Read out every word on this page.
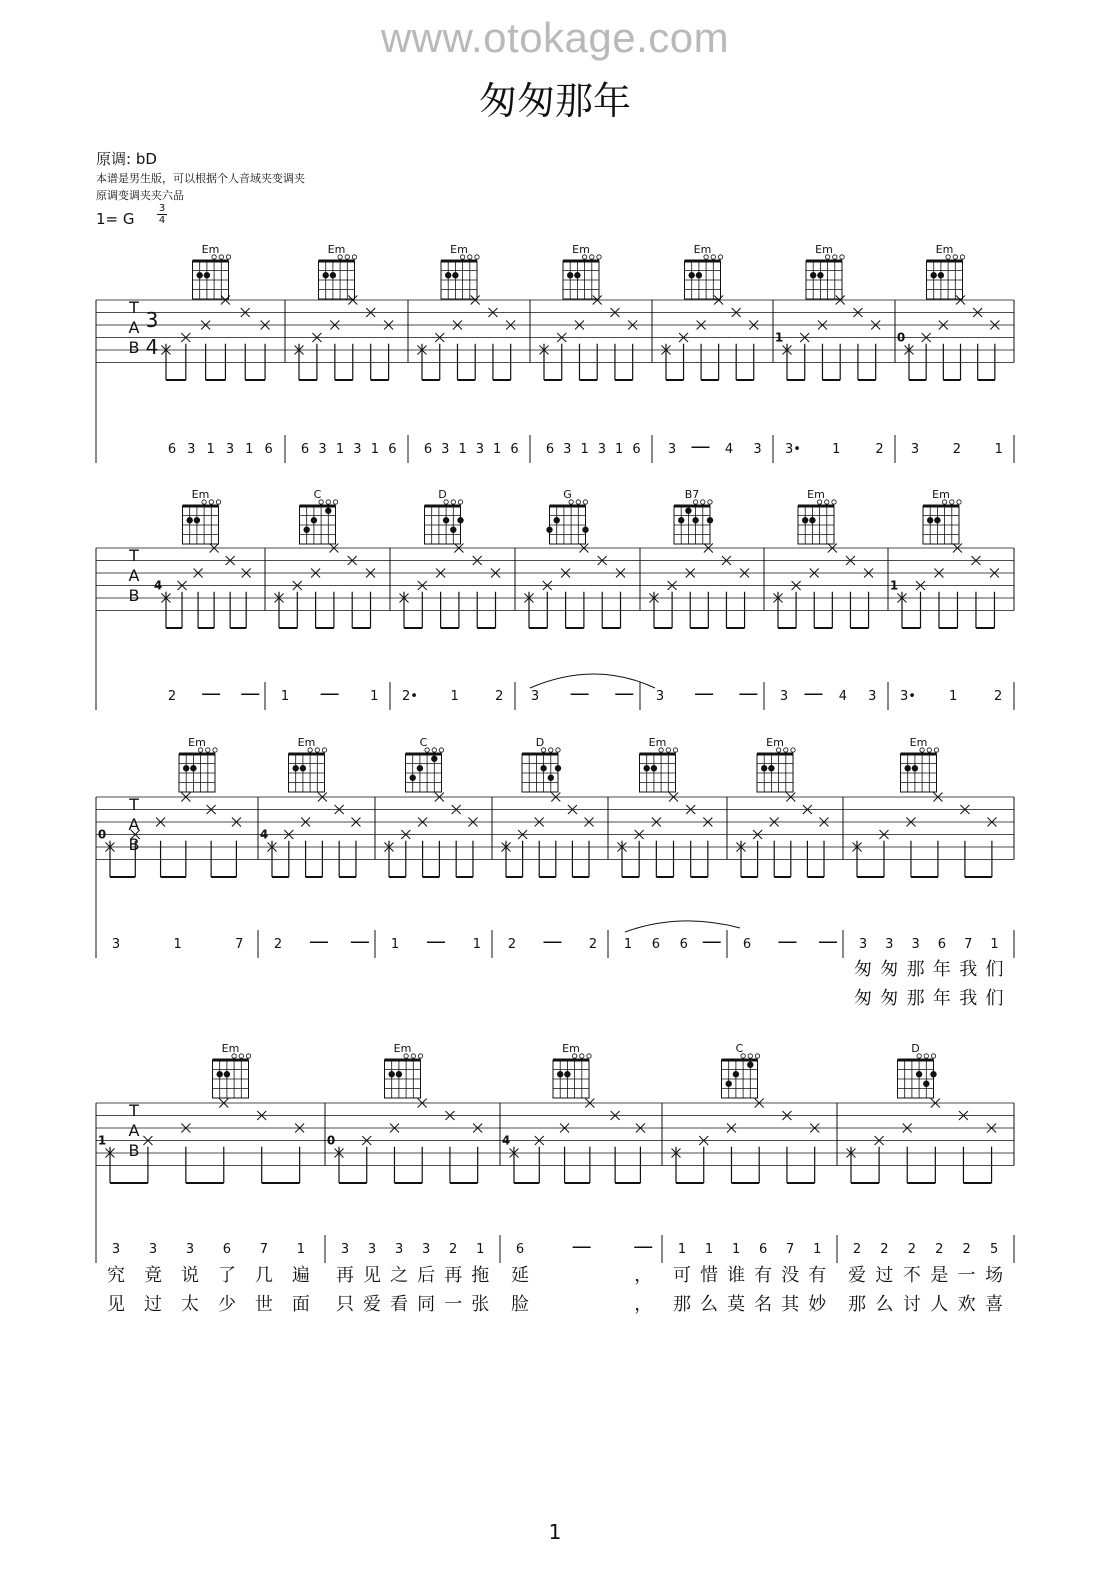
www.otokage.com
匆匆那年
原调: bD
本谱是男生版，可以根据个人音域夹变调夹
原调变调夹夹六品
1= G
3
4
T
A
B
3
4
Em
6 3 1 3 1 6
Em
6 3 1 3 1 6
Em
6 3 1 3 1 6
Em
6 3 1 3 1 6
Em
3 — 4 3
Em
1
3• 1	2
Em
0
3	2	1
T
A
B
Em
4
2 — —
C
1 — 1
D
2•	1	2
G
3 — —
B7
3 — —
Em
3 — 4 3
Em
1
3•	1	2
T
A
B
Em
0
3	1	7
Em
4
2 — —
C
1 — 1
D
2 — 2
Em
1 6 6 —
Em
6 — —
Em
3 3 3 6 7 1
匆 匆 那 年 我 们
匆 匆 那 年 我 们
T
A
B
Em
1
3 3 3 6 7 1
究 竟 说 了 几 遍
见 过 太 少 世 面
Em
0
3 3 3 3 2 1
再 见 之 后 再 拖
只 爱 看 同 一 张
Em
4
6 — —
延	，
脸	，
C
1 1 1 6 7 1
可 惜 谁 有 没 有
那 么 莫 名 其 妙
D
2 2 2 2 2 5
爱 过 不 是 一 场
那 么 讨 人 欢 喜
1
